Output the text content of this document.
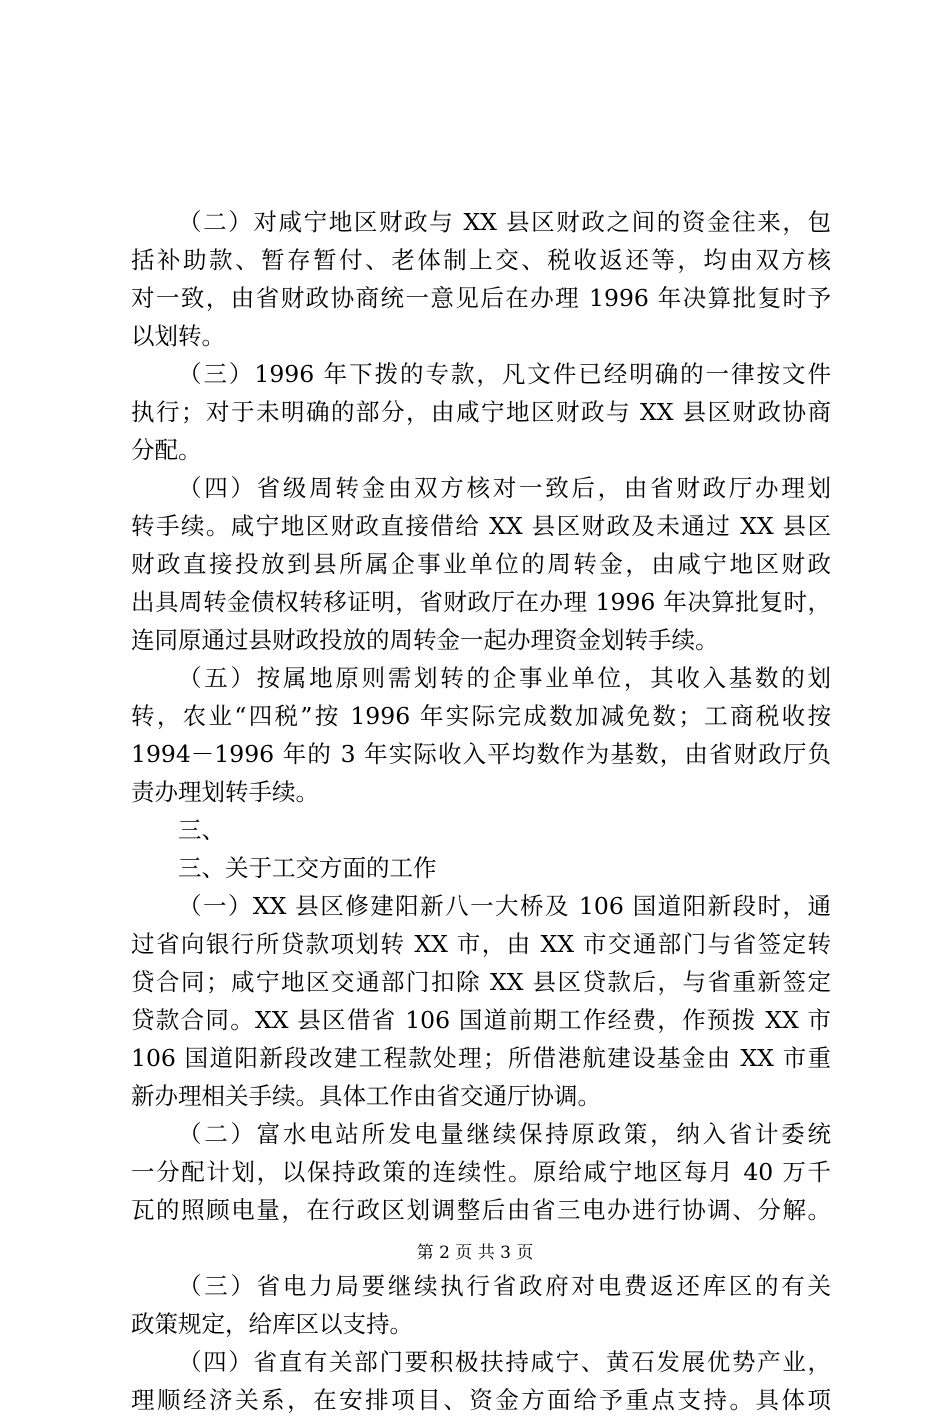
（二）对咸宁地区财政与 XX 县区财政之间的资金往来，包
括补助款、暂存暂付、老体制上交、税收返还等，均由双方核
对一致，由省财政协商统一意见后在办理 1996 年决算批复时予
以划转。
（三）1996 年下拨的专款，凡文件已经明确的一律按文件
执行；对于未明确的部分，由咸宁地区财政与 XX 县区财政协商
分配。
（四）省级周转金由双方核对一致后，由省财政厅办理划
转手续。咸宁地区财政直接借给 XX 县区财政及未通过 XX 县区
财政直接投放到县所属企事业单位的周转金，由咸宁地区财政
出具周转金债权转移证明，省财政厅在办理 1996 年决算批复时，
连同原通过县财政投放的周转金一起办理资金划转手续。
（五）按属地原则需划转的企事业单位，其收入基数的划
转，农业“四税”按 1996 年实际完成数加减免数；工商税收按
1994－1996 年的 3 年实际收入平均数作为基数，由省财政厅负
责办理划转手续。
三、
三、关于工交方面的工作
（一）XX 县区修建阳新八一大桥及 106 国道阳新段时，通
过省向银行所贷款项划转 XX 市，由 XX 市交通部门与省签定转
贷合同；咸宁地区交通部门扣除 XX 县区贷款后，与省重新签定
贷款合同。XX 县区借省 106 国道前期工作经费，作预拨 XX 市
106 国道阳新段改建工程款处理；所借港航建设基金由 XX 市重
新办理相关手续。具体工作由省交通厅协调。
（二）富水电站所发电量继续保持原政策，纳入省计委统
一分配计划，以保持政策的连续性。原给咸宁地区每月 40 万千
瓦的照顾电量，在行政区划调整后由省三电办进行协调、分解。
（三）省电力局要继续执行省政府对电费返还库区的有关
政策规定，给库区以支持。
（四）省直有关部门要积极扶持咸宁、黄石发展优势产业，
理顺经济关系，在安排项目、资金方面给予重点支持。具体项
第 2 页 共 3 页
